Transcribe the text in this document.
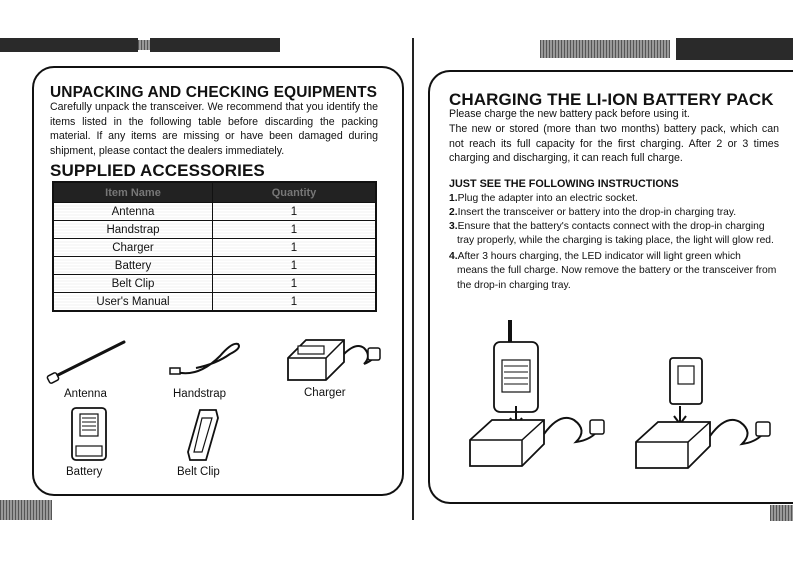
UNPACKING AND CHECKING EQUIPMENTS
Carefully unpack the transceiver. We recommend that you identify the items listed in the following table before discarding the packing material. If any items are missing or have been damaged during shipment, please contact the dealers immediately.
SUPPLIED ACCESSORIES
Item Name	Quantity
Antenna	1
Handstrap	1
Charger	1
Battery	1
Belt Clip	1
User's Manual	1
Antenna	Handstrap	Charger
Battery	Belt Clip
CHARGING THE LI-ION BATTERY PACK
Please charge the new battery pack before using it.
The new or stored (more than two months) battery pack, which can not reach its full capacity for the first charging. After 2 or 3 times charging and discharging, it can reach full charge.
JUST SEE THE FOLLOWING INSTRUCTIONS
1.Plug the adapter into an electric socket.
2.Insert the transceiver or battery into the drop-in charging tray.
3.Ensure that the battery's contacts connect with the drop-in charging
tray properly, while the charging is taking place, the light will glow red.
4.After 3 hours charging, the LED indicator will light green which
means the full charge. Now remove the battery or the transceiver from the drop-in charging tray.
